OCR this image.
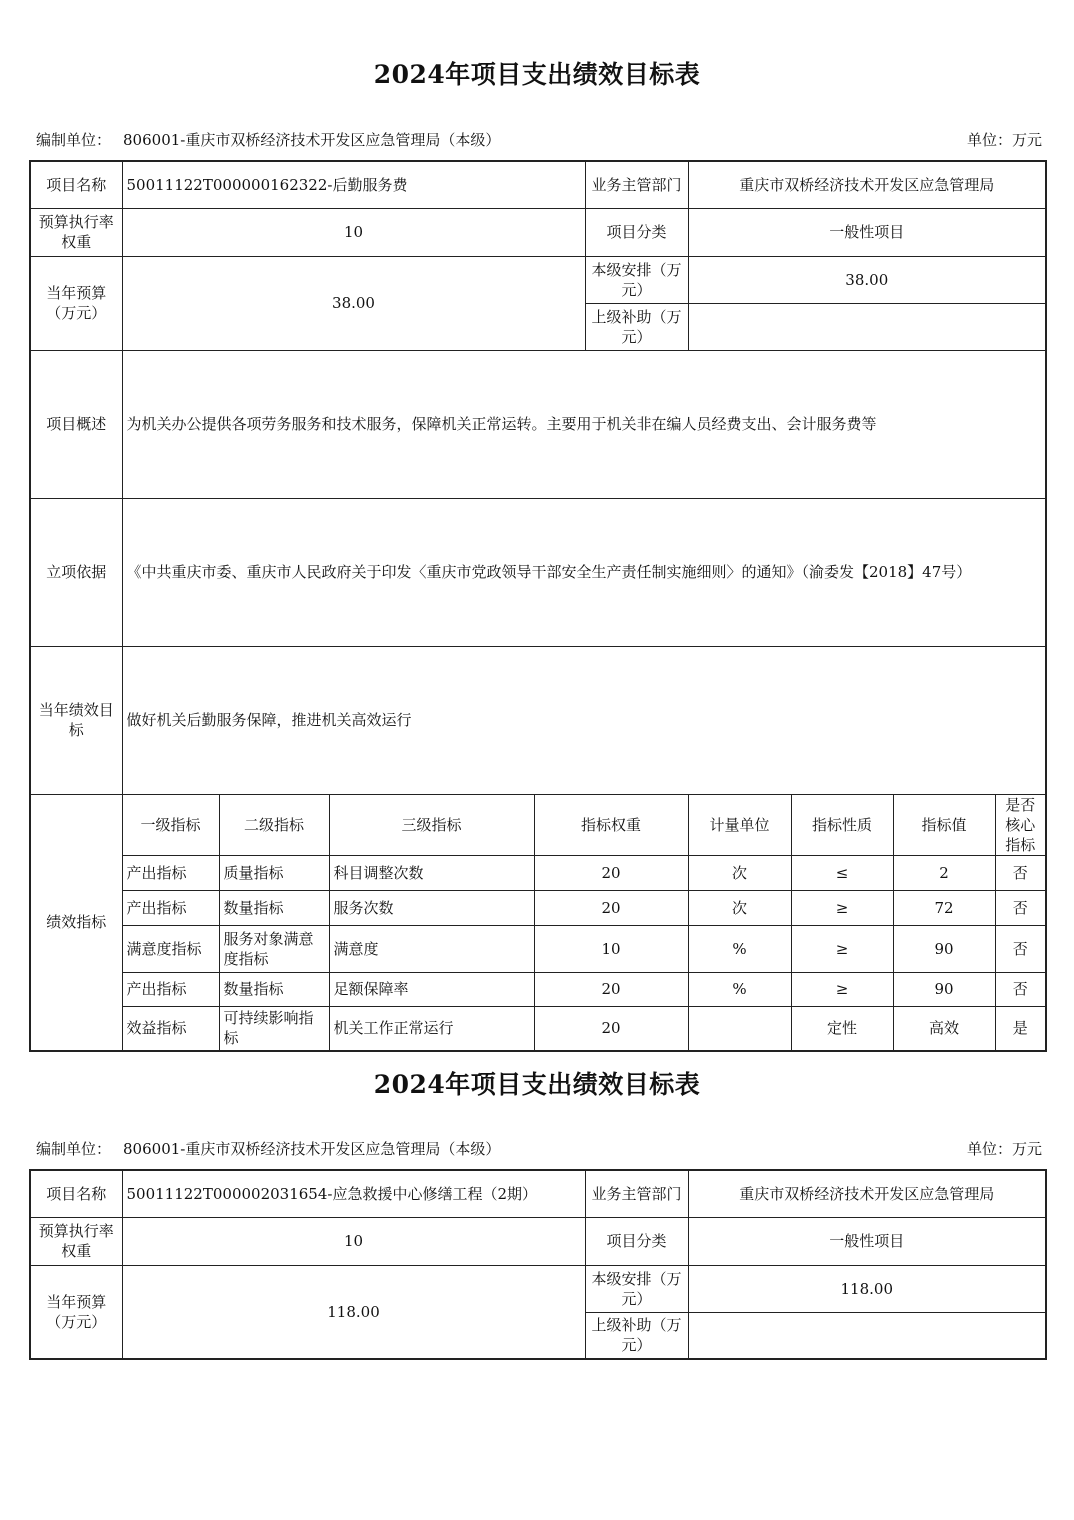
2024年项目支出绩效目标表
编制单位： 806001-重庆市双桥经济技术开发区应急管理局（本级）	单位：万元
项目名称	50011122T000000162322-后勤服务费				业务主管部门	重庆市双桥经济技术开发区应急管理局			
预算执行率权重	10				项目分类	一般性项目			
当年预算（万元）	38.00				本级安排（万元）	38.00			
					上级补助（万元）				
项目概述	为机关办公提供各项劳务服务和技术服务，保障机关正常运转。主要用于机关非在编人员经费支出、会计服务费等								
立项依据	《中共重庆市委、重庆市人民政府关于印发〈重庆市党政领导干部安全生产责任制实施细则〉的通知》（渝委发【2018】47号）								
当年绩效目标	做好机关后勤服务保障，推进机关高效运行								
绩效指标	一级指标	二级指标	三级指标	指标权重		计量单位	指标性质	指标值	是否核心指标
	产出指标	质量指标	科目调整次数	20		次	≤	2	否
	产出指标	数量指标	服务次数	20		次	≥	72	否
	满意度指标	服务对象满意度指标	满意度	10		%	≥	90	否
	产出指标	数量指标	足额保障率	20		%	≥	90	否
	效益指标	可持续影响指标	机关工作正常运行	20			定性	高效	是
2024年项目支出绩效目标表
编制单位： 806001-重庆市双桥经济技术开发区应急管理局（本级）	单位：万元
项目名称	50011122T000002031654-应急救援中心修缮工程（2期）	业务主管部门	重庆市双桥经济技术开发区应急管理局
预算执行率权重	10	项目分类	一般性项目
当年预算（万元）	118.00	本级安排（万元）	118.00
		上级补助（万元）	
